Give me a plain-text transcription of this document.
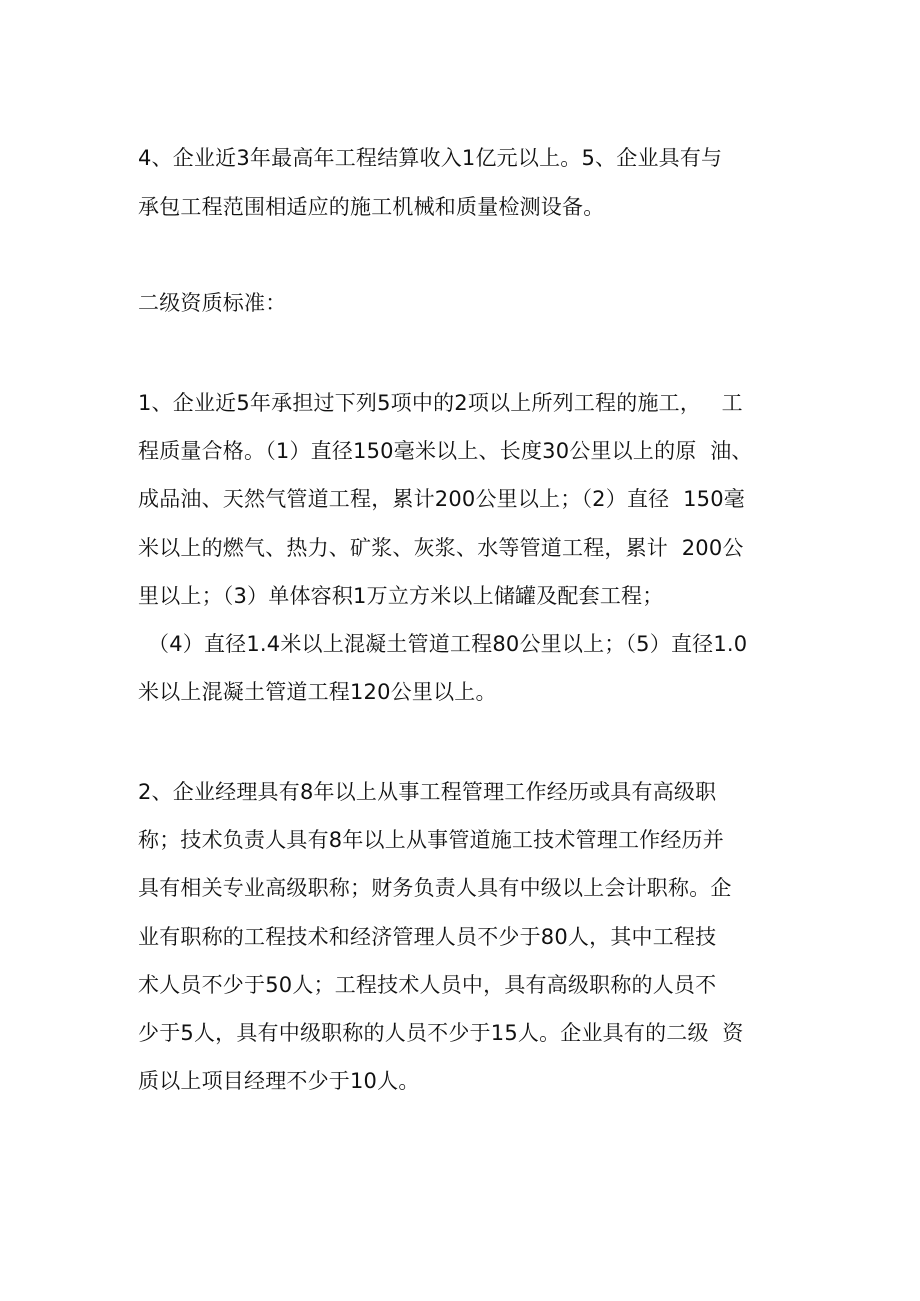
4、企业近3年最高年工程结算收入1亿元以上。5、企业具有与
承包工程范围相适应的施工机械和质量检测设备。
二级资质标准：
1、企业近5年承担过下列5项中的2项以上所列工程的施工，   工
程质量合格。（1）直径150毫米以上、长度30公里以上的原  油、
成品油、天然气管道工程，累计200公里以上；（2）直径  150毫
米以上的燃气、热力、矿浆、灰浆、水等管道工程，累计  200公
里以上；（3）单体容积1万立方米以上储罐及配套工程；
（4）直径1.4米以上混凝土管道工程80公里以上；（5）直径1.0
米以上混凝土管道工程120公里以上。
2、企业经理具有8年以上从事工程管理工作经历或具有高级职
称；技术负责人具有8年以上从事管道施工技术管理工作经历并
具有相关专业高级职称；财务负责人具有中级以上会计职称。企
业有职称的工程技术和经济管理人员不少于80人，其中工程技
术人员不少于50人；工程技术人员中，具有高级职称的人员不
少于5人，具有中级职称的人员不少于15人。企业具有的二级  资
质以上项目经理不少于10人。
